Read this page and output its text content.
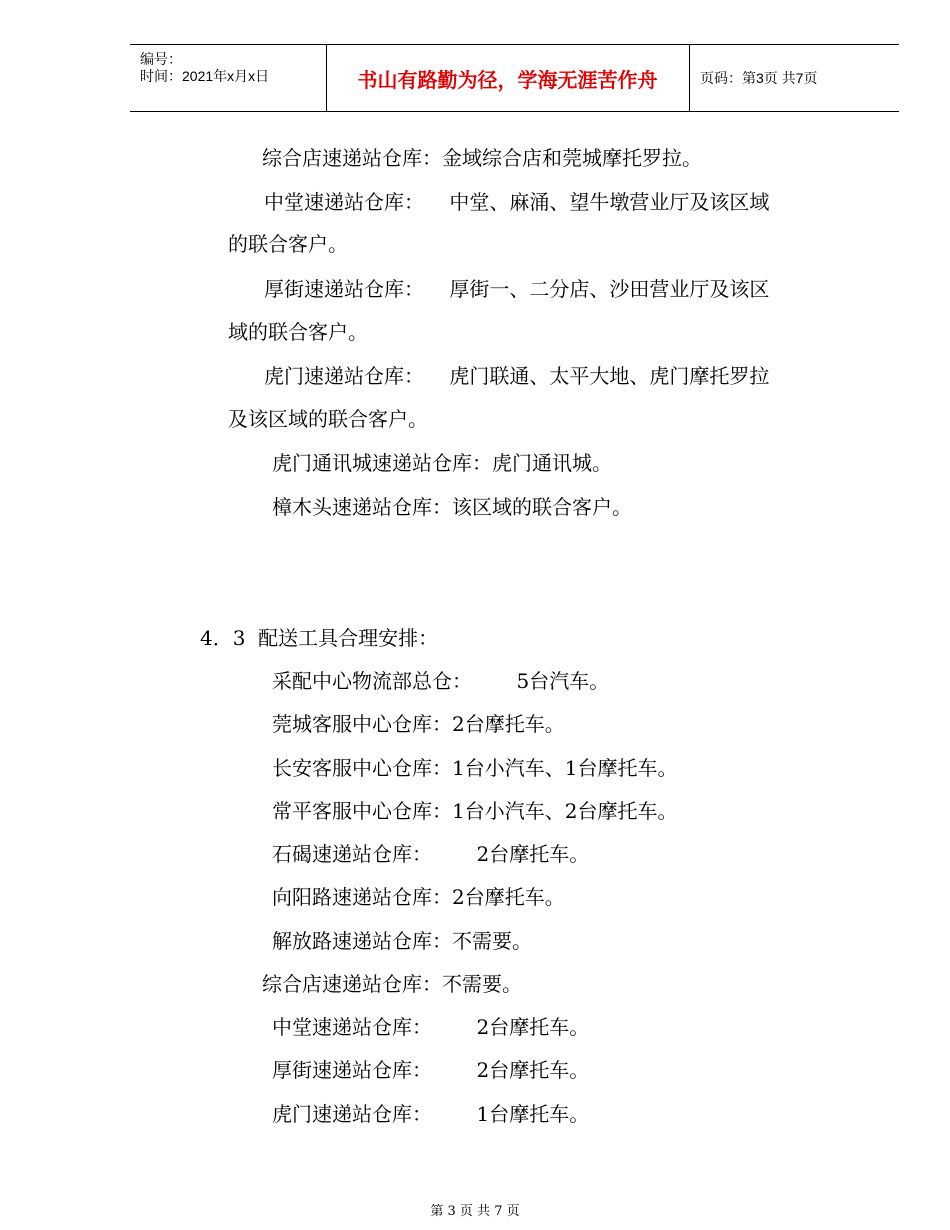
编号：
时间：2021年x月x日	书山有路勤为径，学海无涯苦作舟	页码：第3页 共7页
综合店速递站仓库：金域综合店和莞城摩托罗拉。
中堂速递站仓库：    中堂、麻涌、望牛墩营业厅及该区域
的联合客户。
厚街速递站仓库：    厚街一、二分店、沙田营业厅及该区
域的联合客户。
虎门速递站仓库：    虎门联通、太平大地、虎门摩托罗拉
及该区域的联合客户。
虎门通讯城速递站仓库：虎门通讯城。
樟木头速递站仓库：该区域的联合客户。
4．3  配送工具合理安排：
采配中心物流部总仓：       5台汽车。
莞城客服中心仓库：2台摩托车。
长安客服中心仓库：1台小汽车、1台摩托车。
常平客服中心仓库：1台小汽车、2台摩托车。
石碣速递站仓库：       2台摩托车。
向阳路速递站仓库：2台摩托车。
解放路速递站仓库：不需要。
综合店速递站仓库：不需要。
中堂速递站仓库：       2台摩托车。
厚街速递站仓库：       2台摩托车。
虎门速递站仓库：       1台摩托车。
第 3 页 共 7 页
